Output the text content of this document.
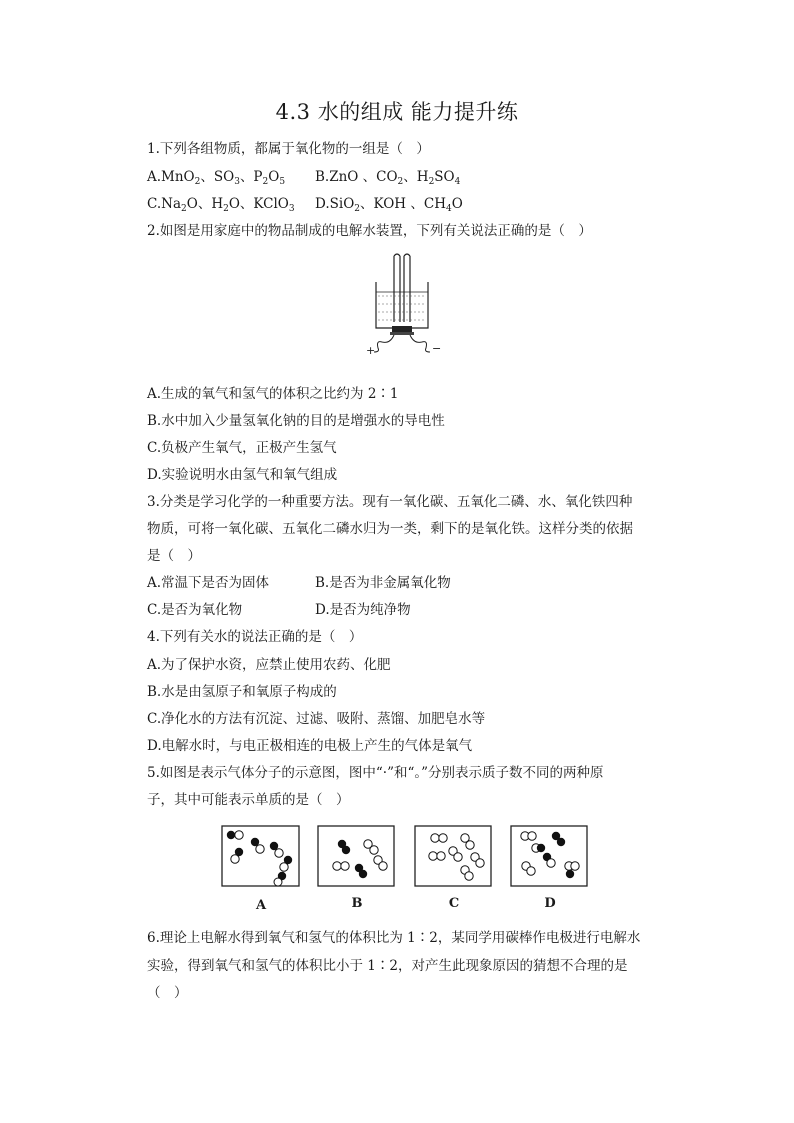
4.3 水的组成 能力提升练
1.下列各组物质，都属于氧化物的一组是（　）
A.MnO$_2$、$SO_3$、$P_2O_5$ B.ZnO 、$CO_2$、$H_2SO_4$
$C.Na_2O$、$H_2O$、KClO$_3$ D.SiO$_2$、KOH 、$CH_4O$
2.如图是用家庭中的物品制成的电解水装置，下列有关说法正确的是（　）
+	−
A.生成的氧气和氢气的体积之比约为 2∶1
B.水中加入少量氢氧化钠的目的是增强水的导电性
C.负极产生氧气，正极产生氢气
D.实验说明水由氢气和氧气组成
3.分类是学习化学的一种重要方法。现有一氧化碳、五氧化二磷、水、氧化铁四种
物质，可将一氧化碳、五氧化二磷水归为一类，剩下的是氧化铁。这样分类的依据
是（　）
A.常温下是否为固体	B.是否为非金属氧化物
C.是否为氧化物	D.是否为纯净物
4.下列有关水的说法正确的是（　）
A.为了保护水资，应禁止使用农药、化肥
B.水是由氢原子和氧原子构成的
C.净化水的方法有沉淀、过滤、吸附、蒸馏、加肥皂水等
D.电解水时，与电正极相连的电极上产生的气体是氧气
5.如图是表示气体分子的示意图，图中“·”和“。”分别表示质子数不同的两种原
子，其中可能表示单质的是（　）
A	B	C	D
6.理论上电解水得到氧气和氢气的体积比为 1∶2，某同学用碳棒作电极进行电解水
实验，得到氧气和氢气的体积比小于 1∶2，对产生此现象原因的猜想不合理的是
（　）
